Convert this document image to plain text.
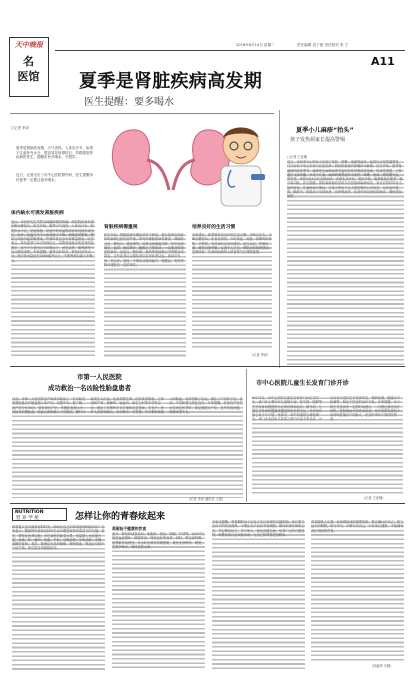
天中晚报
名
医馆
2016年6月14日 星期二	责任编辑 袁子豪 责任校对 张 宁
A11
夏季是肾脏疾病高发期
医生提醒：要多喝水
□记者 李泽
夏季是肾病高发期，天气炎热，人体出汗多，如果不注意补充水分，很容易导致肾结石、尿路感染等疾病的发生，提醒市民多喝水，少憋尿。
近日，记者走访了市中心医院肾内科，医生提醒市民夏季一定要注意多喝水。
体内缺水可诱发肾脏疾病
肾脏疾病需重视	培养良好的生活习惯
近日，市民张先生突然出现腰部剧烈疼痛，到医院检查后被诊断为肾结石。医生介绍，夏季天气炎热，人体出汗多，如果饮水不足，尿液浓缩，尿液中的结晶物质容易沉积形成结石。此外，高温天气下人体免疫力下降，细菌容易繁殖，憋尿还可能引起尿路感染，严重时甚至会引发肾盂肾炎。医生表示，每年夏季门诊中因肾结石、尿路感染就诊的患者明显增多，其中不少是因为平时喝水少、爱吃烧烤、喝啤酒等不良习惯造成的。专家提醒，夏季出汗较多，要及时补充水分，每天饮水量应在2000毫升以上，不要等到口渴了才喝水。
医生介绍，肾脏疾病早期症状并不明显，很多患者出现症状时病情已经比较严重。常见的肾脏疾病有肾炎、肾病综合征、肾结石、肾衰竭等。如果出现眼睑浮肿、尿中泡沫增多、血尿、夜尿增多、腰酸乏力等症状，一定要及时到医院就诊。高血压、糖尿病、痛风等疾病都会对肾脏造成损害，这些患者应定期检查尿常规和肾功能，做到早发现、早治疗。同时，不要盲目服用偏方、保健品，有些药物对肾脏有一定的毒性。
专家建议，夏季要养成良好的生活习惯：多喝白开水，少喝含糖饮料；饮食宜清淡，少吃高盐、高脂、高嘌呤的食物；不憋尿，有尿意时应及时排尿；适当运动，控制体重，避免过度劳累；注意个人卫生，预防泌尿系统感染；定期体检，有基础疾病的人群更要关注肾脏健康。
（记者 李泽）
夏季小儿麻疹“抬头”
孩子发热须家长提高警惕
□记者 王亚楠
近日，市民李女士的孩子出现了发热、咳嗽、流涕等症状，起初以为是普通感冒，几天后孩子身上出现了红色皮疹，到医院检查后被确诊为麻疹。医生介绍，夏季是麻疹的高发季节，麻疹是由麻疹病毒引起的急性呼吸道传染病，传染性很强，主要通过飞沫传播，多见于儿童。麻疹的典型症状为发热、咳嗽、流涕、眼结膜充血、畏光等，发热3至4天后出现皮疹，皮疹先从耳后、发际开始，逐渐蔓延至面部、躯干和四肢。医生提醒，预防麻疹最有效的方法是接种麻疹疫苗，家长应按时带孩子接种疫苗。在麻疹流行期间，尽量少带孩子去人群密集的公共场所，注意室内通风，勤洗手。如果孩子出现发热、皮疹等症状，应及时到正规医院就诊，避免延误病情。
市第一人民医院
成功救治一名凶险性胎盘患者
日前，市第一人民医院妇产科成功救治了一名凶险性前置胎盘合并胎盘植入的产妇，母婴平安。据了解，该产妇今年35岁，曾有剖宫产史，孕期检查提示为凶险性前置胎盘，胎盘大面积植入子宫肌层，随时可能发生大出血，危及母婴生命。医院高度重视，立即组织产科、麻醉科、输血科、新生儿科等多学科会诊，制定了详细的手术方案和应急预案。手术中，医护人员密切配合，成功娩出一名男婴，并完整剥离植入的胎盘，有效控制了出血，保住了产妇的子宫。目前，产妇和婴儿恢复良好。专家提醒，有剖宫产史的女性再次怀孕时，要定期进行产检，及早发现问题，确保母婴安全。
（记者 李泽 通讯员 王霞）
市中心医院儿童生长发育门诊开诊
6月12日，市中心医院儿童生长发育门诊正式开诊，该门诊主要针对儿童矮小症、性早熟、肥胖等生长发育问题提供专业的诊断和治疗。据介绍，儿童生长发育问题越来越受到家长的关注，许多家长担心孩子个子矮、发育早，却不知道该去哪里就诊。该门诊由经验丰富的儿科内分泌专家坐诊，可以为孩子进行生长发育评估、骨龄检测、激素水平检测等，制定个性化的治疗方案。专家提醒，孩子的生长发育有一定的时间窗口，一旦错过最佳治疗时机，将影响孩子的终身身高，家长如果发现孩子身高明显落后于同龄人，应及时带孩子到医院检查。
（记者 王亚楠）
NUTRITION
营 养 学 苑	怎样让你的青春炫起来
青春是人生中最美好的时光，如何让自己的青春更加绚丽多彩？专家表示，健康的饮食和良好的生活习惯是保持青春活力的关键。首先，要保证营养均衡，多吃新鲜的蔬菜水果，适量摄入优质蛋白质，如鱼、虾、瘦肉、鸡蛋、牛奶、豆制品等，少吃油炸、辛辣、高糖的食物。其次，要保证充足的睡眠，避免熬夜，熬夜会导致内分泌失调，使皮肤变得粗糙暗淡。
美丽始于健康的饮食
此外，要坚持适量运动，如跑步、游泳、瑜伽、打球等，运动可以促进血液循环，增强体质，保持良好的身材。同时，要注意防晒，夏季紫外线强烈，外出时应做好防晒措施，避免皮肤晒伤、晒黑。还要多喝水，保持皮肤水润。
专家还提醒，青春期的孩子正处于生长发育的关键时期，家长要关注孩子的饮食营养，不要让孩子盲目节食减肥。保持乐观开朗的心态，学会释放压力，多与家人、朋友沟通交流，培养广泛的兴趣爱好，积极参加社会实践活动，让自己的青春更加精彩。
青春期是人生观、价值观形成的重要阶段，要正确认识自己，树立远大的理想，努力学习，不断充实自己。只有身心健康，才能拥有真正绚丽的青春。
（综编李 专稿）
